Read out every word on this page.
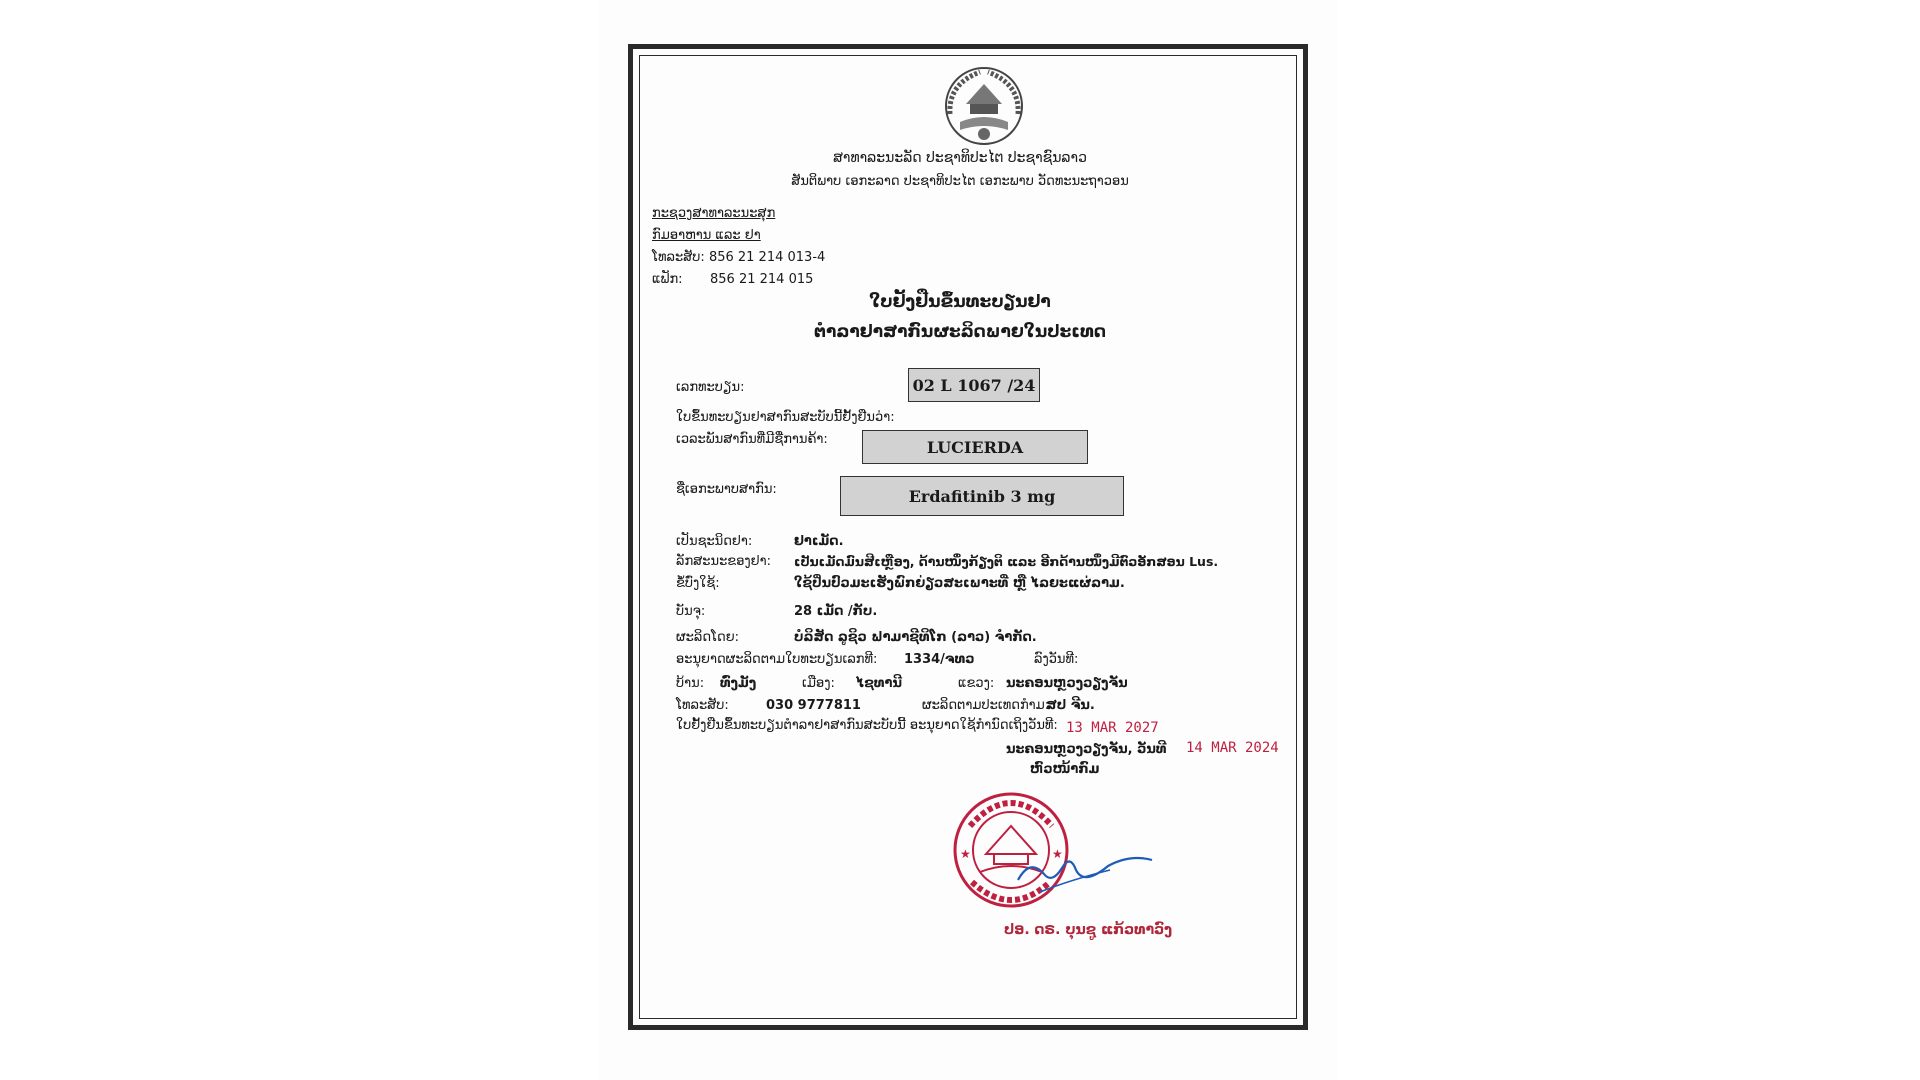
ສາທາລະນະລັດ ປະຊາທິປະໄຕ ປະຊາຊົນລາວ
ສັນຕິພາບ ເອກະລາດ ປະຊາທິປະໄຕ ເອກະພາບ ວັດທະນະຖາວອນ
ກະຊວງສາທາລະນະສຸກ
ກົມອາຫານ ແລະ ຢາ
ໂທລະສັບ: 856 21 214 013-4
ແຟັກ: 856 21 214 015
ໃບຢັ້ງຢືນຂຶ້ນທະບຽນຢາ
ຕຳລາຢາສາກົນຜະລິດພາຍໃນປະເທດ
ເລກທະບຽນ:	02 L 1067 /24
ໃບຂຶ້ນທະບຽນຢາສາກົນສະບັບນີ້ຢັ້ງຢືນວ່າ:
ເວລະພັນສາກົນທີ່ມີຊື່ການຄ້າ:	LUCIERDA
ຊື່ເອກະພາບສາກົນ:	Erdafitinib 3 mg
ເປັນຊະນິດຢາ:	ຢາເມັດ.
ລັກສະນະຂອງຢາ: ເປັນເມັດມົນສີເຫຼືອງ, ດ້ານໜຶ່ງກ້ຽງຕິ ແລະ ອີກດ້ານໜຶ່ງມີຕົວອັກສອນ Lus.
ຂໍ້ບົ່ງໃຊ້:	ໃຊ້ປິ່ນປົວມະເຮັງພົກຍ່ຽວສະເພາະທີ່ ຫຼື ໄລຍະແຜ່ລາມ.
ບັນຈຸ:	28 ເມັດ /ກັບ.
ຜະລິດໂດຍ:	ບໍລິສັດ ລູຊິວ ຟາມາຊີທິໂກ (ລາວ) ຈຳກັດ.
ອະນຸຍາດຜະລິດຕາມໃບທະບຽນເລກທີ: 1334/ຈທວ	ລົງວັນທີ:
ບ້ານ: ທົ່ງມັງ	ເມືອງ: ໄຊທານີ	ແຂວງ: ນະຄອນຫຼວງວຽງຈັນ
ໂທລະສັບ:	030 9777811	ຜະລິດຕາມປະເທດກຳມ:
ສປ ຈີນ.
ໃບຢັ້ງຢືນຂຶ້ນທະບຽນຕຳລາຢາສາກົນສະບັບນີ້ ອະນຸຍາດໃຊ້ກຳນົດເຖິງວັນທີ: 13 MAR 2027
ນະຄອນຫຼວງວຽງຈັນ, ວັນທີ 14 MAR 2024
ຫົວໜ້າກົມ
★	★
ປອ. ດຣ. ບຸນຊູ ແກ້ວທາວົງ
